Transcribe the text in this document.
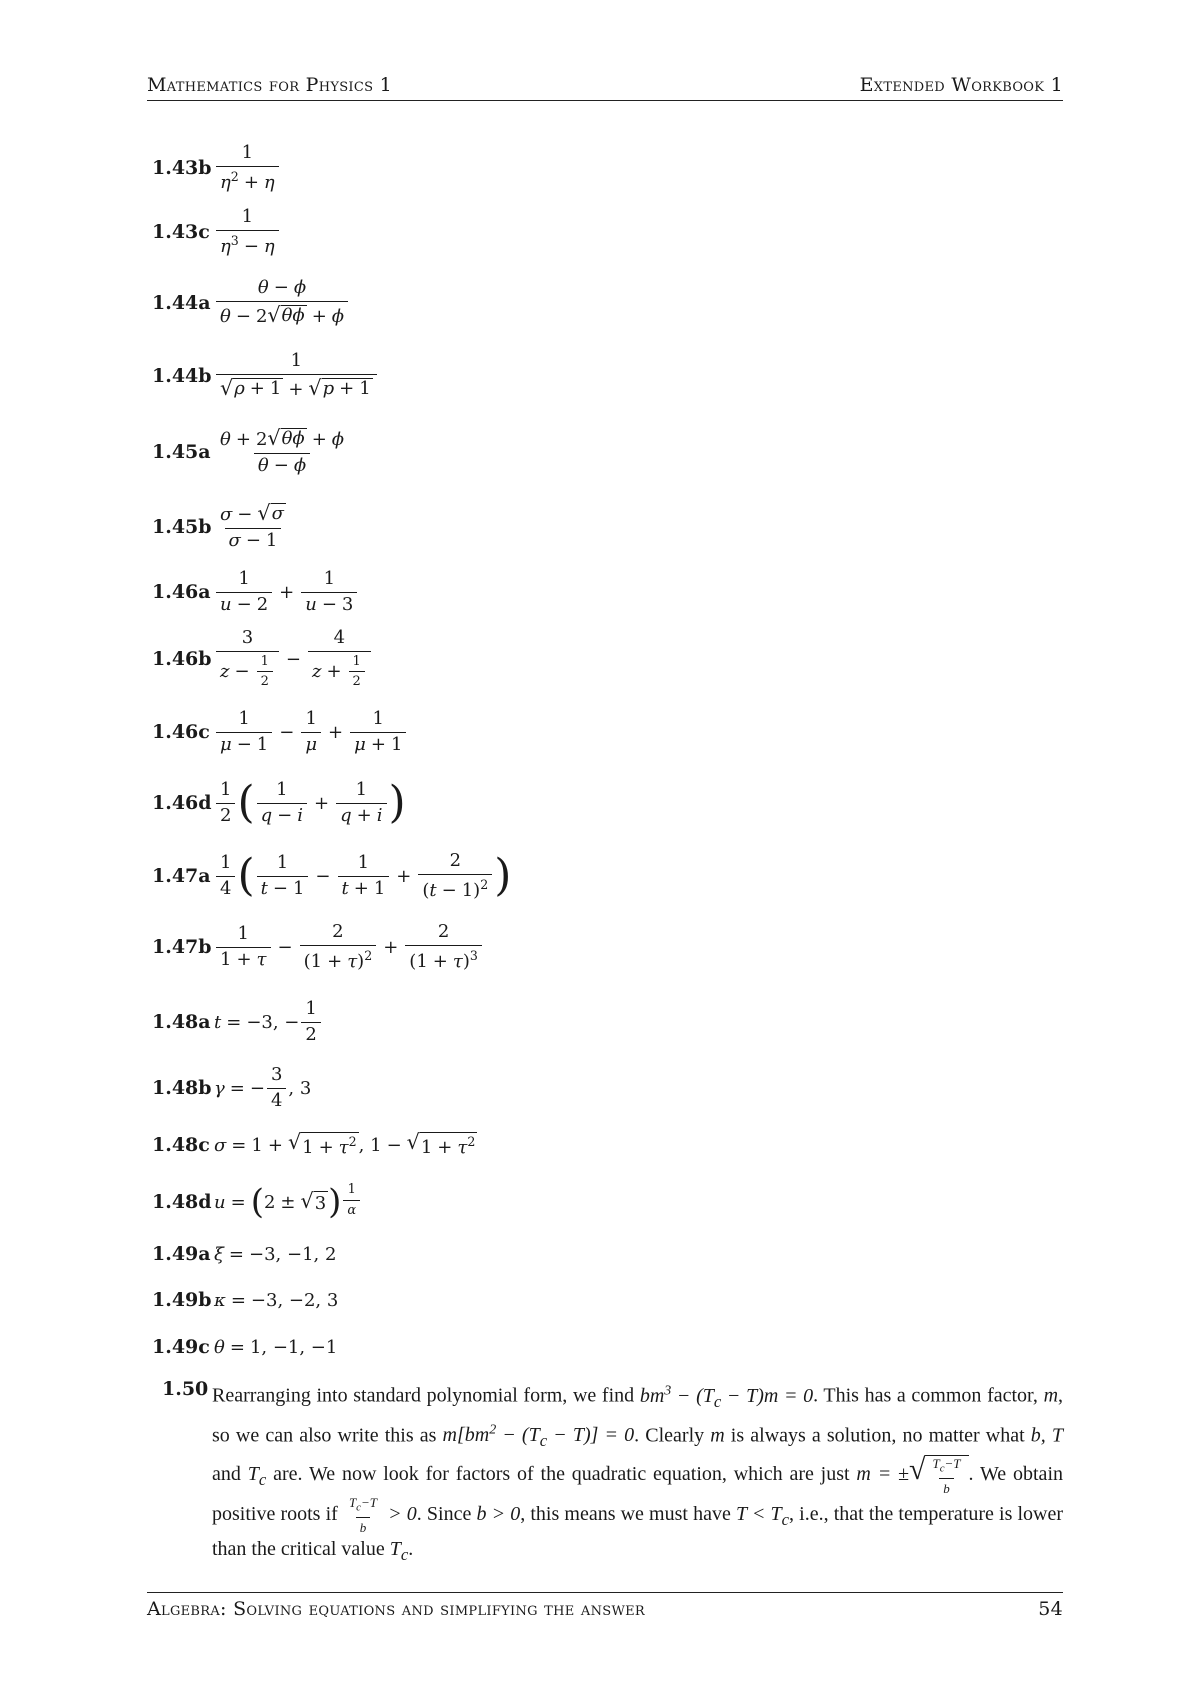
Mathematics for Physics 1	Extended Workbook 1
Algebra: Solving equations and simplifying the answer	54
$1.43b \frac{1}{\eta^2 + \eta}$
$1.43c \frac{1}{\eta^3 - \eta}$
$1.44a \frac{\theta - \phi}{\theta - 2 √ \theta\phi + \phi}$
$1.44b \frac{1}{√ \rho + 1 + √ p + 1}$
$1.45a \frac{\theta + 2 √ \theta\phi + \phi}{\theta - \phi}$
$1.45b \frac{\sigma - √ \sigma}{\sigma - 1}$
$1.46a \frac{1}{u - 2} + \frac{1}{u - 3}$
$1.46b \frac{3}{z - \frac{1}{2}} - \frac{4}{z + \frac{1}{2}}$
$1.46c \frac{1}{\mu - 1} - \frac{1}{\mu} + \frac{1}{\mu + 1}$
$1.46d \frac{1}{2}$ ( $\frac{1}{q - i} + \frac{1}{q + i}$ )
$1.47a \frac{1}{4}$ ( $\frac{1}{t - 1} - \frac{1}{t + 1} + \frac{2}{(t - 1)^2}$ )
$1.47b \frac{1}{1 + \tau} - \frac{2}{(1 + \tau)^2} + \frac{2}{(1 + \tau)^3}$
1.48a t = −3, − $\frac{1}{2}$
1.48b γ = − $\frac{3}{4}$ , 3
1.48c σ = 1 + √ $1 + \tau^2$ , 1 − √ $1 + \tau^2$
1.48d u = ( 2 ± √ 3 ) $\frac{1}{\alpha}$
1.49a ξ = −3, −1, 2
1.49b κ = −3, −2, 3
1.49c θ = 1, −1, −1
1.50 Rearranging into standard polynomial form, we find $bm^3 - (T_c - T)m = 0$. This has a common factor, m, so we can also write this as $m[bm^2 - (T_c - T)] = 0$. Clearly m is always a solution, no matter what b, T and $T_c$ are. We now look for factors of the quadratic equation, which are just m = ± √ $\frac{T_c-T}{b}$ . We obtain positive roots if $\frac{T_c-T}{b} > 0$. Since b > 0, this means we must have $T < T_c$, i.e., that the temperature is lower than the critical value $T_c$.
